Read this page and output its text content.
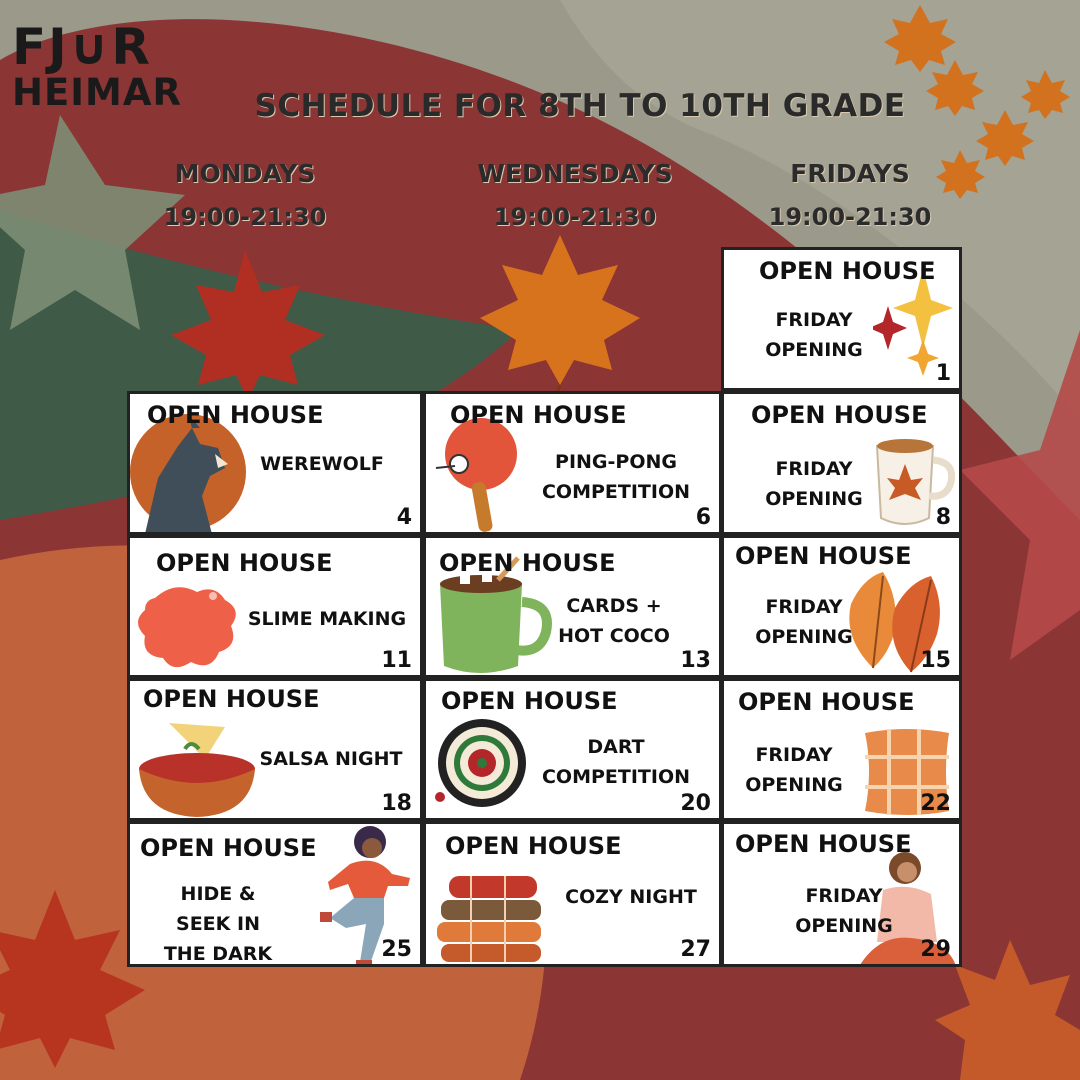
FJ∪R
HEIMAR	SCHEDULE FOR 8TH TO 10TH GRADE
MONDAYS
19:00-21:30
WEDNESDAYS
19:00-21:30
FRIDAYS
19:00-21:30
OPEN HOUSE
FRIDAY OPENING
1
OPEN HOUSE
WEREWOLF
4
OPEN HOUSE
PING-PONG COMPETITION
6
OPEN HOUSE
FRIDAY OPENING
8
OPEN HOUSE
SLIME MAKING
11
OPEN HOUSE
CARDS + HOT COCO
13
OPEN HOUSE
FRIDAY OPENING
15
OPEN HOUSE
SALSA NIGHT
18
OPEN HOUSE
DART COMPETITION
20
OPEN HOUSE
FRIDAY OPENING
22
OPEN HOUSE
HIDE & SEEK IN THE DARK	25
OPEN HOUSE
COZY NIGHT
27
OPEN HOUSE
FRIDAY OPENING
29
